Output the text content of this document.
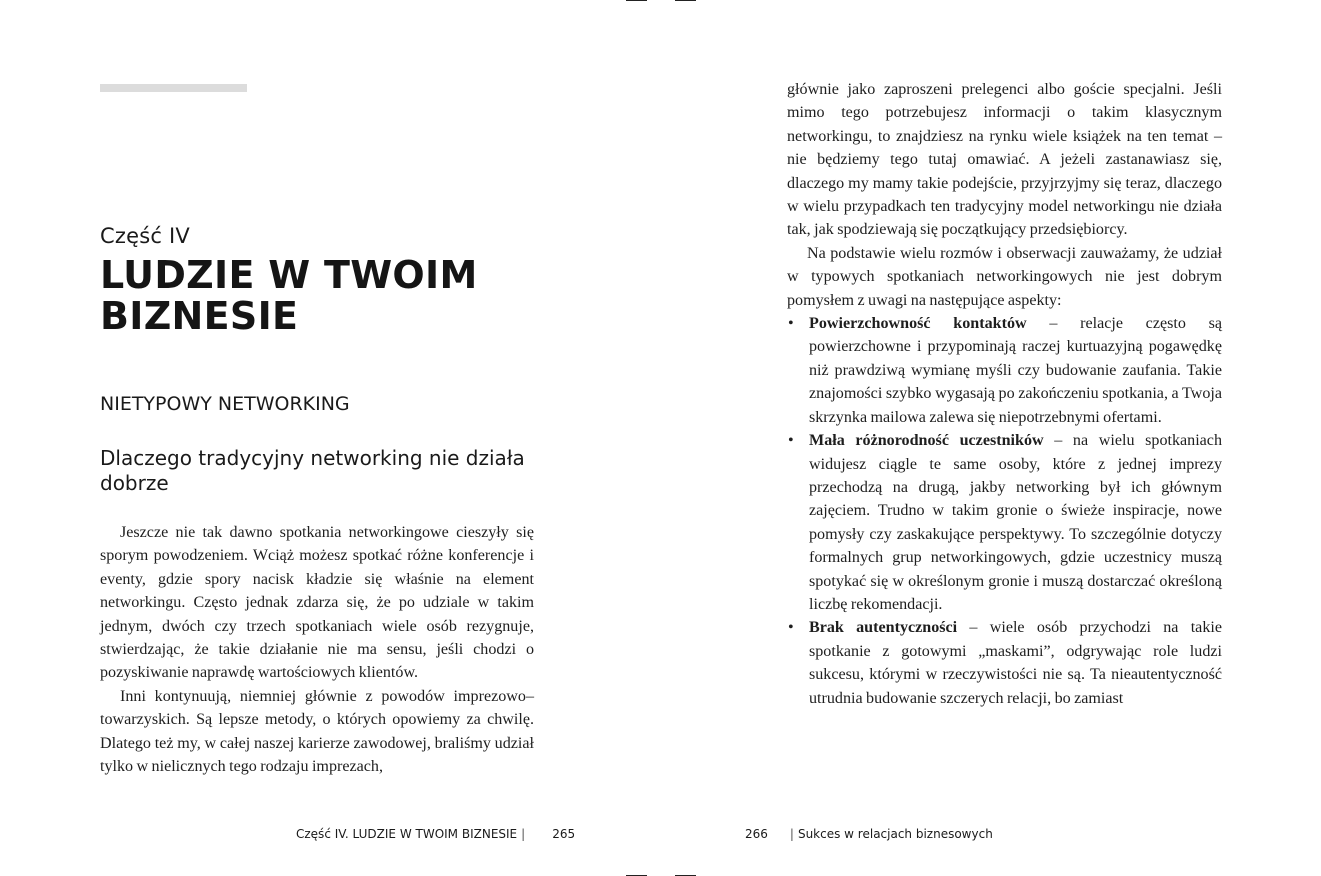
Część IV
LUDZIE W TWOIM BIZNESIE
NIETYPOWY NETWORKING
Dlaczego tradycyjny networking nie działa dobrze

Jeszcze nie tak dawno spotkania networkingowe cieszyły się sporym powodzeniem. Wciąż możesz spotkać różne konferencje i eventy, gdzie spory nacisk kładzie się właśnie na element networkingu. Często jednak zdarza się, że po udziale w takim jednym, dwóch czy trzech spotkaniach wiele osób rezygnuje, stwierdzając, że takie działanie nie ma sensu, jeśli chodzi o pozyskiwanie naprawdę wartościowych klientów.

Inni kontynuują, niemniej głównie z powodów imprezowo–towarzyskich. Są lepsze metody, o których opowiemy za chwilę. Dlatego też my, w całej naszej karierze zawodowej, braliśmy udział tylko w nielicznych tego rodzaju imprezach,

Część IV. LUDZIE W TWOIM BIZNESIE | 265

głównie jako zaproszeni prelegenci albo goście specjalni. Jeśli mimo tego potrzebujesz informacji o takim klasycznym networkingu, to znajdziesz na rynku wiele książek na ten temat – nie będziemy tego tutaj omawiać. A jeżeli zastanawiasz się, dlaczego my mamy takie podejście, przyjrzyjmy się teraz, dlaczego w wielu przypadkach ten tradycyjny model networkingu nie działa tak, jak spodziewają się początkujący przedsiębiorcy.

Na podstawie wielu rozmów i obserwacji zauważamy, że udział w typowych spotkaniach networkingowych nie jest dobrym pomysłem z uwagi na następujące aspekty:

• Powierzchowność kontaktów – relacje często są powierzchowne i przypominają raczej kurtuazyjną pogawędkę niż prawdziwą wymianę myśli czy budowanie zaufania. Takie znajomości szybko wygasają po zakończeniu spotkania, a Twoja skrzynka mailowa zalewa się niepotrzebnymi ofertami.
• Mała różnorodność uczestników – na wielu spotkaniach widujesz ciągle te same osoby, które z jednej imprezy przechodzą na drugą, jakby networking był ich głównym zajęciem. Trudno w takim gronie o świeże inspiracje, nowe pomysły czy zaskakujące perspektywy. To szczególnie dotyczy formalnych grup networkingowych, gdzie uczestnicy muszą spotykać się w określonym gronie i muszą dostarczać określoną liczbę rekomendacji.
• Brak autentyczności – wiele osób przychodzi na takie spotkanie z gotowymi „maskami”, odgrywając role ludzi sukcesu, którymi w rzeczywistości nie są. Ta nieautentyczność utrudnia budowanie szczerych relacji, bo zamiast
266 | Sukces w relacjach biznesowych
